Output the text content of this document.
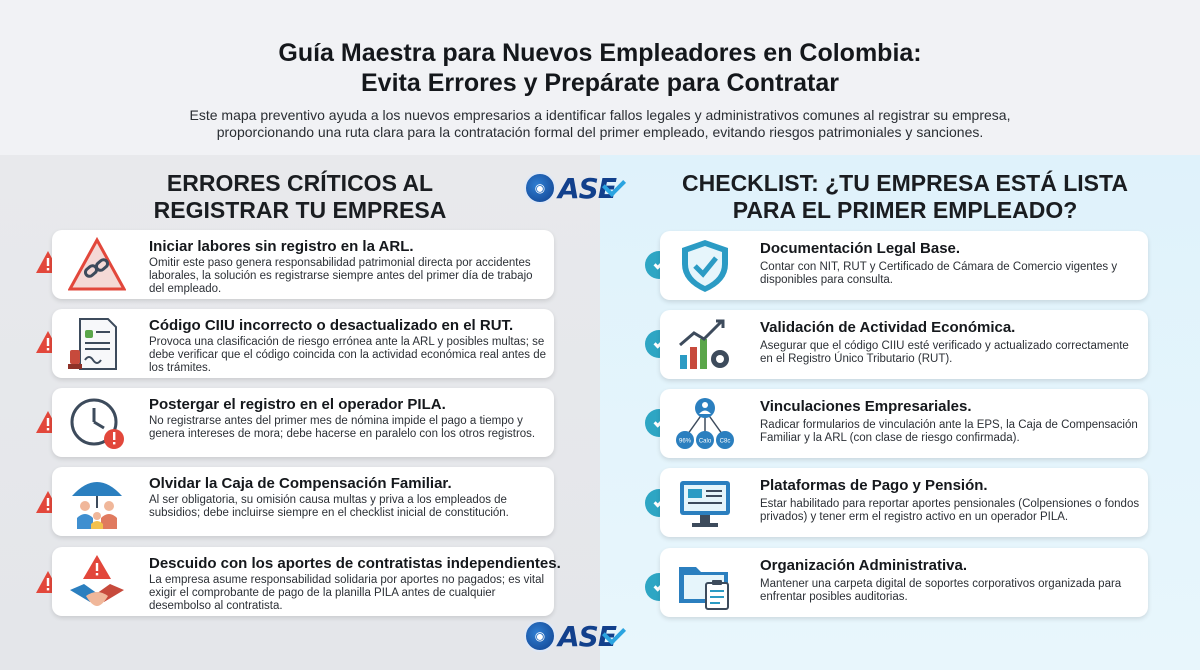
Guía Maestra para Nuevos Empleadores en Colombia:
Evita Errores y Prepárate para Contratar
Este mapa preventivo ayuda a los nuevos empresarios a identificar fallos legales y administrativos comunes al registrar su empresa,
proporcionando una ruta clara para la contratación formal del primer empleado, evitando riesgos patrimoniales y sanciones.
ERRORES CRÍTICOS AL
REGISTRAR TU EMPRESA
CHECKLIST: ¿TU EMPRESA ESTÁ LISTA
PARA EL PRIMER EMPLEADO?
◉ ASE
Iniciar labores sin registro en la ARL.
Omitir este paso genera responsabilidad patrimonial directa por accidentes laborales, la solución es registrarse siempre antes del primer día de trabajo del empleado.
Código CIIU incorrecto o desactualizado en el RUT.
Provoca una clasificación de riesgo errónea ante la ARL y posibles multas; se debe verificar que el código coincida con la actividad económica real antes de los trámites.
Postergar el registro en el operador PILA.
No registrarse antes del primer mes de nómina impide el pago a tiempo y genera intereses de mora; debe hacerse en paralelo con los otros registros.
Olvidar la Caja de Compensación Familiar.
Al ser obligatoria, su omisión causa multas y priva a los empleados de subsidios; debe incluirse siempre en el checklist inicial de constitución.
Descuido con los aportes de contratistas independientes.
La empresa asume responsabilidad solidaria por aportes no pagados; es vital exigir el comprobante de pago de la planilla PILA antes de cualquier desembolso al contratista.
Documentación Legal Base.
Contar con NIT, RUT y Certificado de Cámara de Comercio vigentes y disponibles para consulta.
Validación de Actividad Económica.
Asegurar que el código CIIU esté verificado y actualizado correctamente en el Registro Único Tributario (RUT).
96% Calo C8c
Vinculaciones Empresariales.
Radicar formularios de vinculación ante la EPS, la Caja de Compensación Familiar y la ARL (con clase de riesgo confirmada).
Plataformas de Pago y Pensión.
Estar habilitado para reportar aportes pensionales (Colpensiones o fondos privados) y tener erm el registro activo en un operador PILA.
Organización Administrativa.
Mantener una carpeta digital de soportes corporativos organizada para enfrentar posibles auditorias.
◉ ASE
